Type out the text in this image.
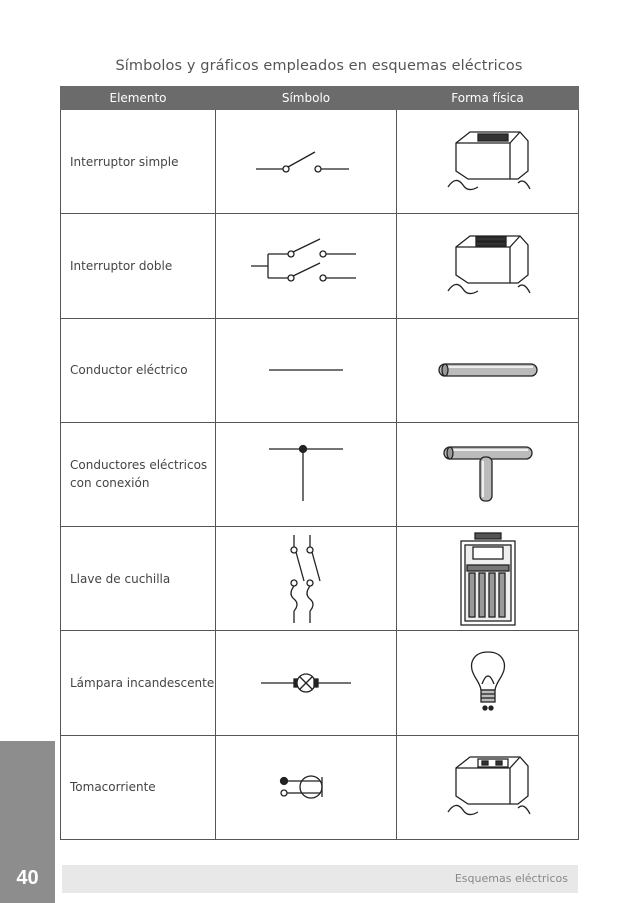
Símbolos y gráficos empleados en esquemas eléctricos
Elemento	Símbolo	Forma física
Interruptor simple	

Interruptor doble	

Conductor eléctrico	

Conductores eléctricos con conexión	

Llave de cuchilla	

Lámpara incandescente	

Tomacorriente	

40	Esquemas eléctricos
